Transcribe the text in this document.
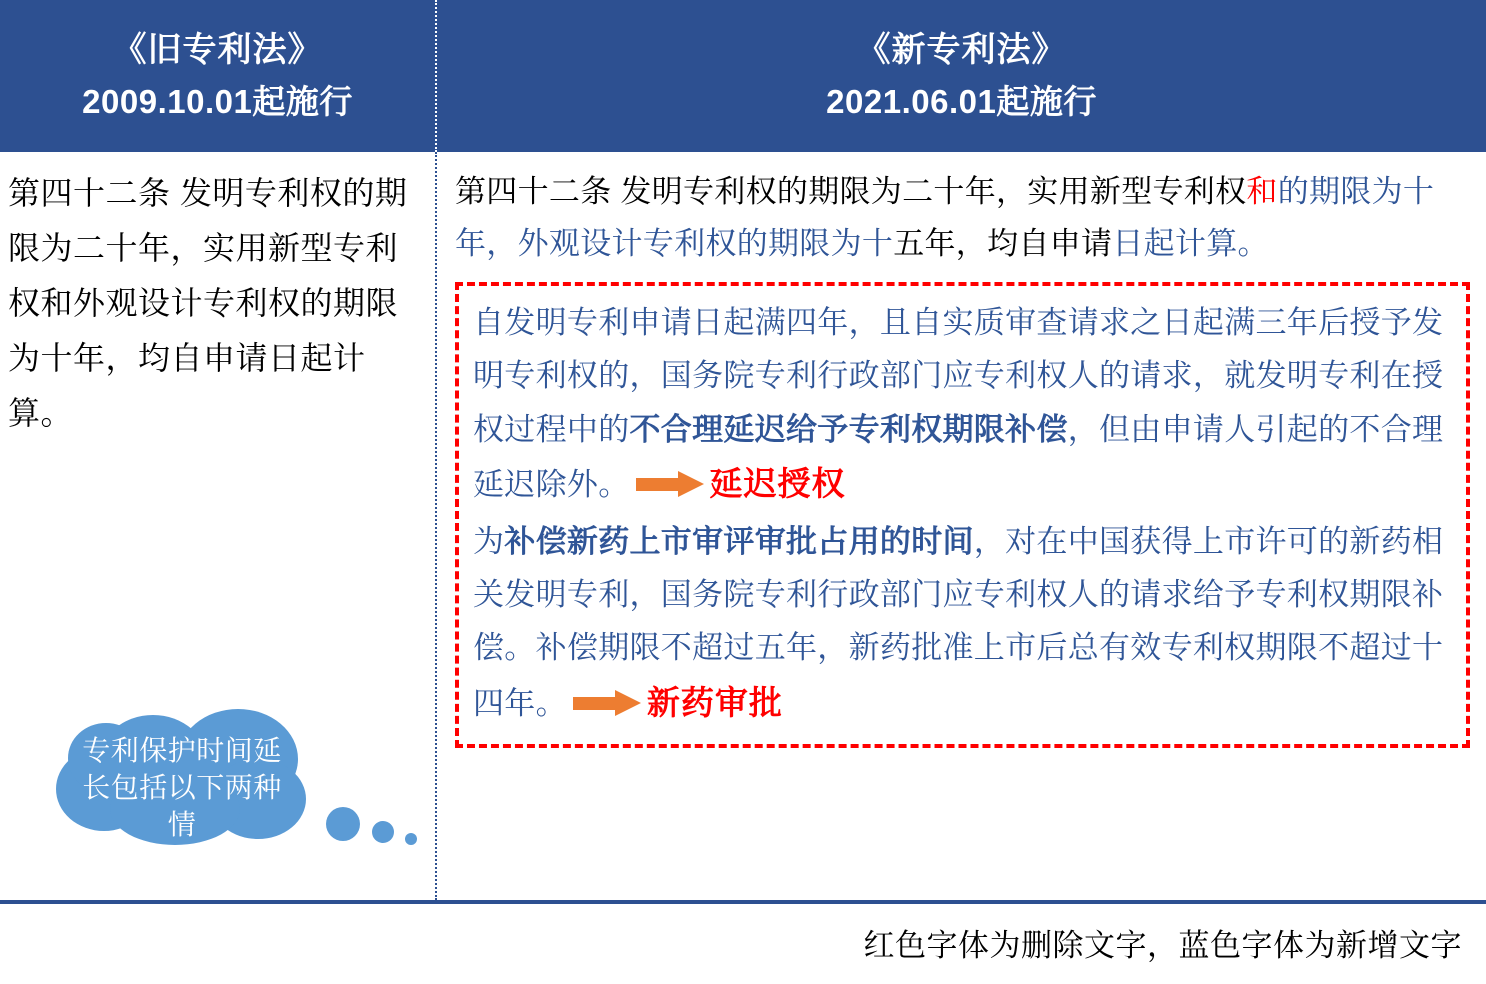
《旧专利法》
2009.10.01起施行
《新专利法》
2021.06.01起施行
第四十二条 发明专利权的期限为二十年，实用新型专利权和外观设计专利权的期限为十年，均自申请日起计算。
专利保护时间延长包括以下两种情
第四十二条 发明专利权的期限为二十年，实用新型专利权和的期限为十年，外观设计专利权的期限为十五年，均自申请日起计算。

自发明专利申请日起满四年，且自实质审查请求之日起满三年后授予发明专利权的，国务院专利行政部门应专利权人的请求，就发明专利在授权过程中的不合理延迟给予专利权期限补偿，但由申请人引起的不合理延迟除外。 延迟授权

为补偿新药上市审评审批占用的时间，对在中国获得上市许可的新药相关发明专利，国务院专利行政部门应专利权人的请求给予专利权期限补偿。补偿期限不超过五年，新药批准上市后总有效专利权期限不超过十四年。 新药审批

红色字体为删除文字，蓝色字体为新增文字
